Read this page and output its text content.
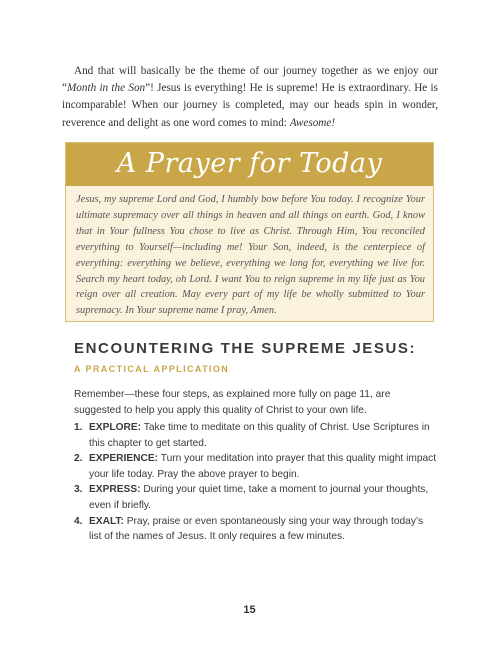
And that will basically be the theme of our journey together as we enjoy our “Month in the Son”! Jesus is everything! He is supreme! He is extraordinary. He is incomparable! When our journey is completed, may our heads spin in wonder, reverence and delight as one word comes to mind: Awesome!

A Prayer for Today

Jesus, my supreme Lord and God, I humbly bow before You today. I recognize Your ultimate supremacy over all things in heaven and all things on earth. God, I know that in Your fullness You chose to live as Christ. Through Him, You reconciled everything to Yourself—including me! Your Son, indeed, is the centerpiece of everything: everything we believe, everything we long for, everything we live for. Search my heart today, oh Lord. I want You to reign supreme in my life just as You reign over all creation. May every part of my life be wholly submitted to Your supremacy. In Your supreme name I pray, Amen.

ENCOUNTERING THE SUPREME JESUS:
A PRACTICAL APPLICATION

Remember—these four steps, as explained more fully on page 11, are suggested to help you apply this quality of Christ to your own life.

1. EXPLORE: Take time to meditate on this quality of Christ. Use Scriptures in this chapter to get started.
2. EXPERIENCE: Turn your meditation into prayer that this quality might impact your life today. Pray the above prayer to begin.
3. EXPRESS: During your quiet time, take a moment to journal your thoughts, even if briefly.
4. EXALT: Pray, praise or even spontaneously sing your way through today’s list of the names of Jesus. It only requires a few minutes.

15
